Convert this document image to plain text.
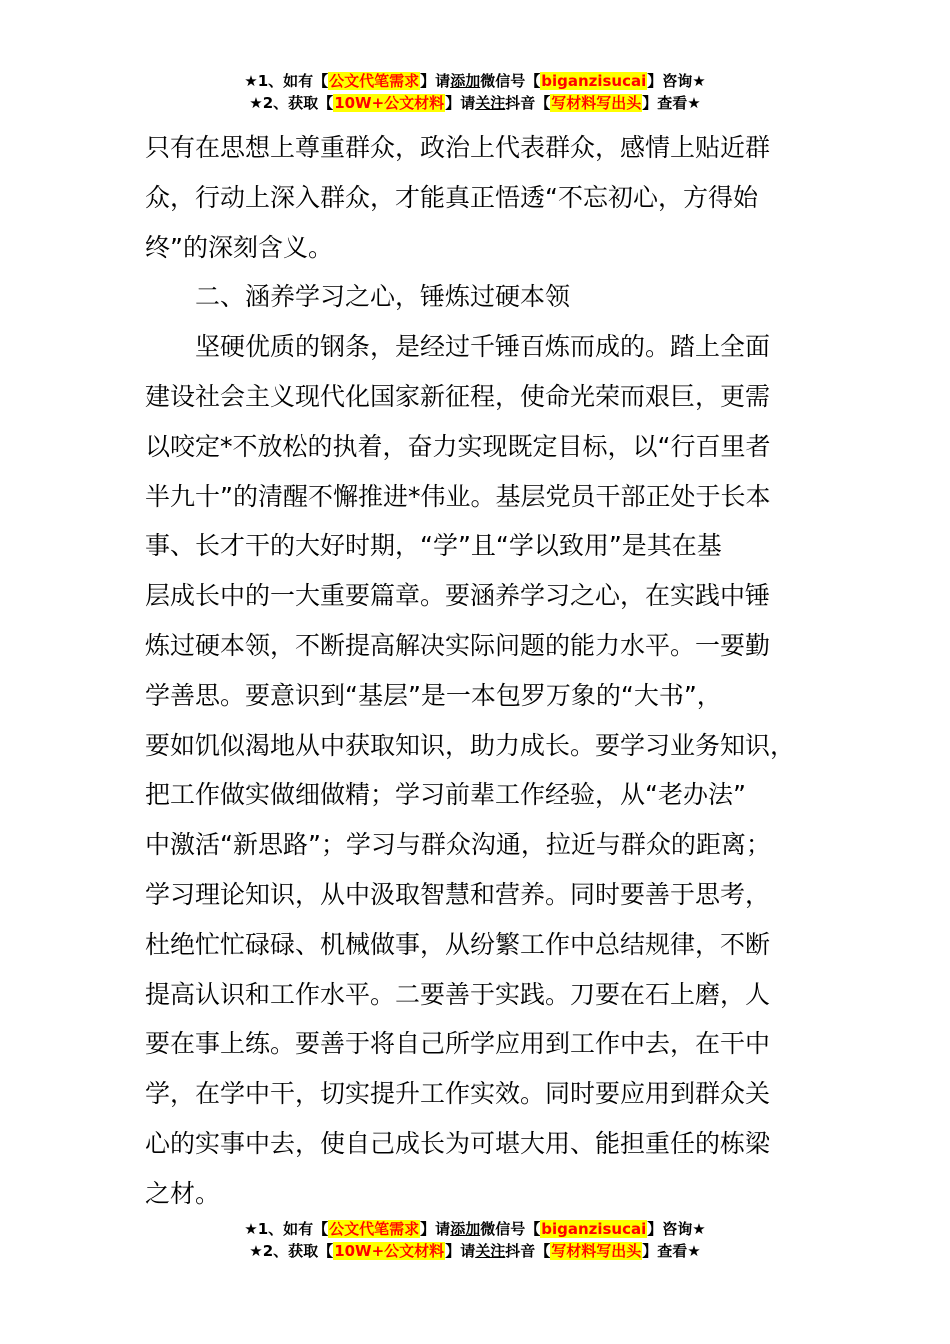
★1、如有【公文代笔需求】请添加微信号【biganzisucai】咨询★
★2、获取【10W+公文材料】请关注抖音【写材料写出头】查看★
只有在思想上尊重群众，政治上代表群众，感情上贴近群
众，行动上深入群众，才能真正悟透“不忘初心，方得始
终”的深刻含义。
二、涵养学习之心，锤炼过硬本领
坚硬优质的钢条，是经过千锤百炼而成的。踏上全面
建设社会主义现代化国家新征程，使命光荣而艰巨，更需
以咬定*不放松的执着，奋力实现既定目标，以“行百里者
半九十”的清醒不懈推进*伟业。基层党员干部正处于长本
事、长才干的大好时期，“学”且“学以致用”是其在基
层成长中的一大重要篇章。要涵养学习之心，在实践中锤
炼过硬本领，不断提高解决实际问题的能力水平。一要勤
学善思。要意识到“基层”是一本包罗万象的“大书”，
要如饥似渴地从中获取知识，助力成长。要学习业务知识，
把工作做实做细做精；学习前辈工作经验，从“老办法”
中激活“新思路”；学习与群众沟通，拉近与群众的距离；
学习理论知识，从中汲取智慧和营养。同时要善于思考，
杜绝忙忙碌碌、机械做事，从纷繁工作中总结规律，不断
提高认识和工作水平。二要善于实践。刀要在石上磨，人
要在事上练。要善于将自己所学应用到工作中去，在干中
学，在学中干，切实提升工作实效。同时要应用到群众关
心的实事中去，使自己成长为可堪大用、能担重任的栋梁
之材。
★1、如有【公文代笔需求】请添加微信号【biganzisucai】咨询★
★2、获取【10W+公文材料】请关注抖音【写材料写出头】查看★
